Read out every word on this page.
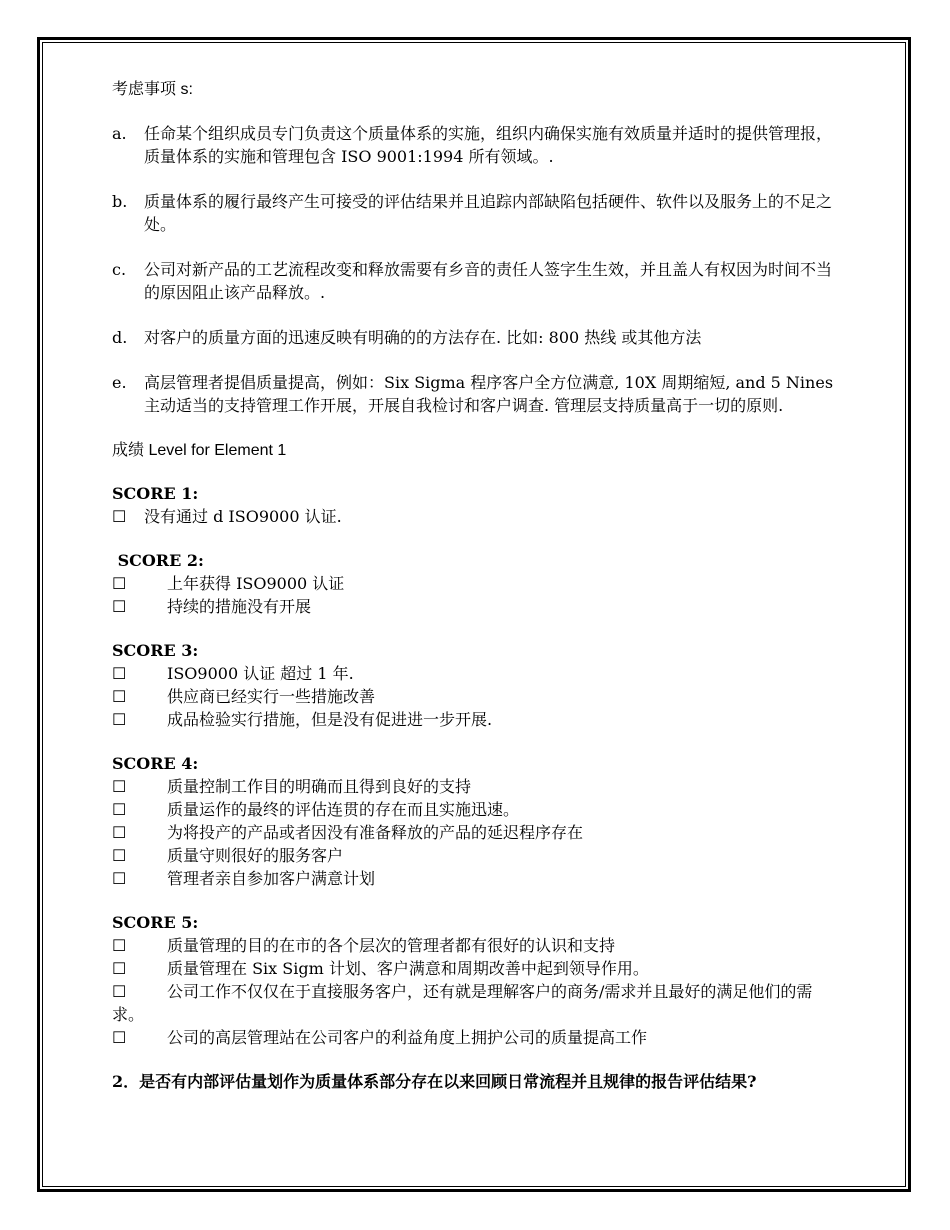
考虑事项 s:

a.	任命某个组织成员专门负责这个质量体系的实施，组织内确保实施有效质量并适时的提供管理报，质量体系的实施和管理包含 ISO 9001:1994 所有领域。.
b.	质量体系的履行最终产生可接受的评估结果并且追踪内部缺陷包括硬件、软件以及服务上的不足之处。
c.	公司对新产品的工艺流程改变和释放需要有乡音的责任人签字生生效，并且盖人有权因为时间不当的原因阻止该产品释放。.
d.	对客户的质量方面的迅速反映有明确的的方法存在. 比如: 800 热线 或其他方法
e.	高层管理者提倡质量提高，例如：Six Sigma 程序客户全方位满意, 10X 周期缩短, and 5 Nines 主动适当的支持管理工作开展，开展自我检讨和客户调查. 管理层支持质量高于一切的原则.

成绩 Level for Element 1

SCORE 1:

☐	没有通过 d ISO9000 认证.

SCORE 2:

☐	上年获得 ISO9000 认证
☐	持续的措施没有开展

SCORE 3:

☐	ISO9000 认证 超过 1 年.
☐	供应商已经实行一些措施改善
☐	成品检验实行措施，但是没有促进进一步开展.

SCORE 4:

☐	质量控制工作目的明确而且得到良好的支持
☐	质量运作的最终的评估连贯的存在而且实施迅速。
☐	为将投产的产品或者因没有准备释放的产品的延迟程序存在
☐	质量守则很好的服务客户
☐	管理者亲自参加客户满意计划

SCORE 5:

☐	质量管理的目的在市的各个层次的管理者都有很好的认识和支持
☐	质量管理在 Six Sigm 计划、客户满意和周期改善中起到领导作用。
☐	公司工作不仅仅在于直接服务客户，还有就是理解客户的商务/需求并且最好的满足他们的需求。
☐	公司的高层管理站在公司客户的利益角度上拥护公司的质量提高工作

2．是否有内部评估量划作为质量体系部分存在以来回顾日常流程并且规律的报告评估结果?
